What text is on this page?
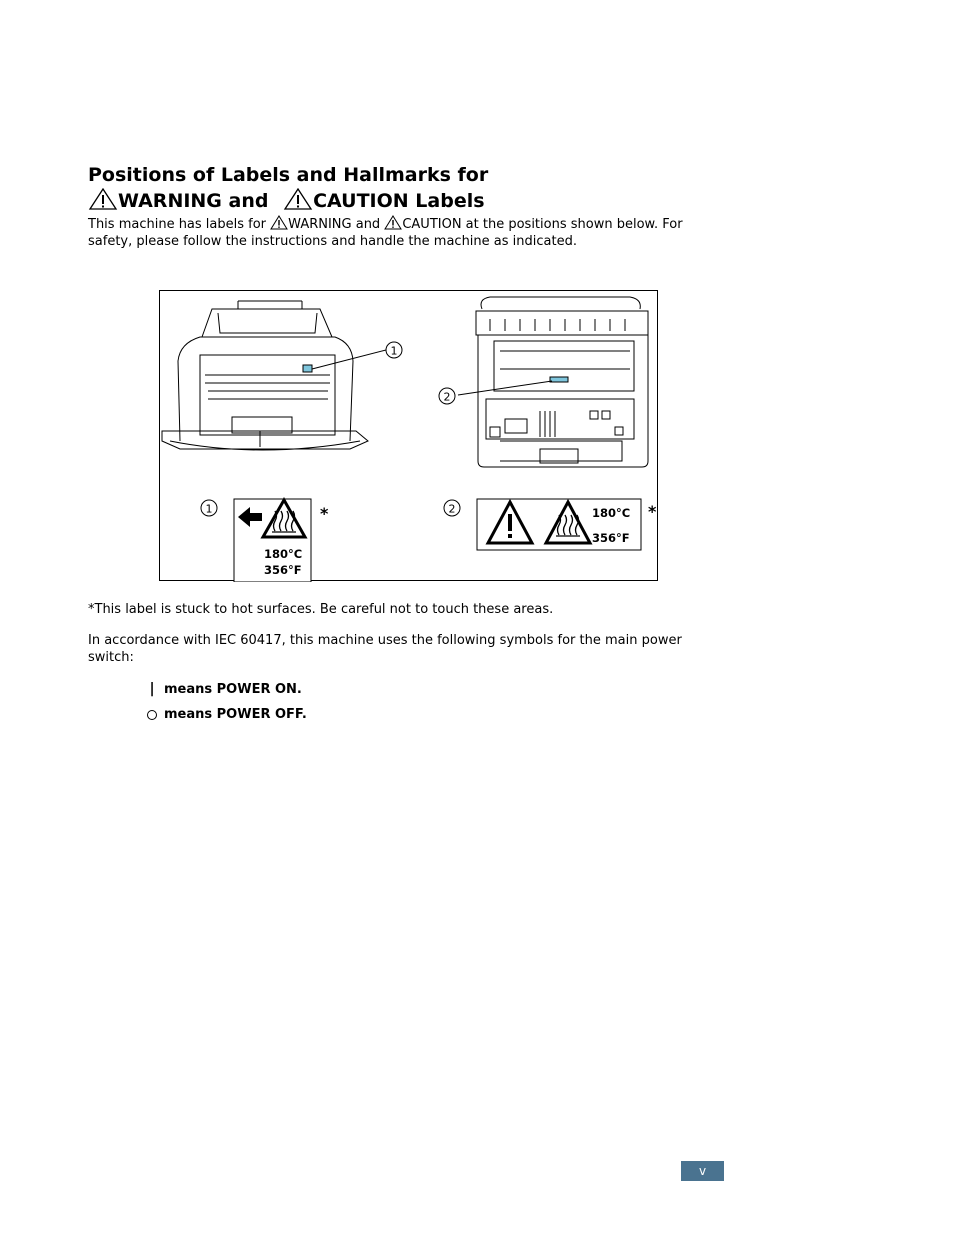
Positions of Labels and Hallmarks for
WARNING and CAUTION Labels

This machine has labels for WARNING and CAUTION at the positions shown below. For safety, please follow the instructions and handle the machine as indicated.

1
2
1
180°C
356°F
*	2	180°C
356°F
*

*This label is stuck to hot surfaces. Be careful not to touch these areas.

In accordance with IEC 60417, this machine uses the following symbols for the main power switch:

| means POWER ON.
means POWER OFF.
v
